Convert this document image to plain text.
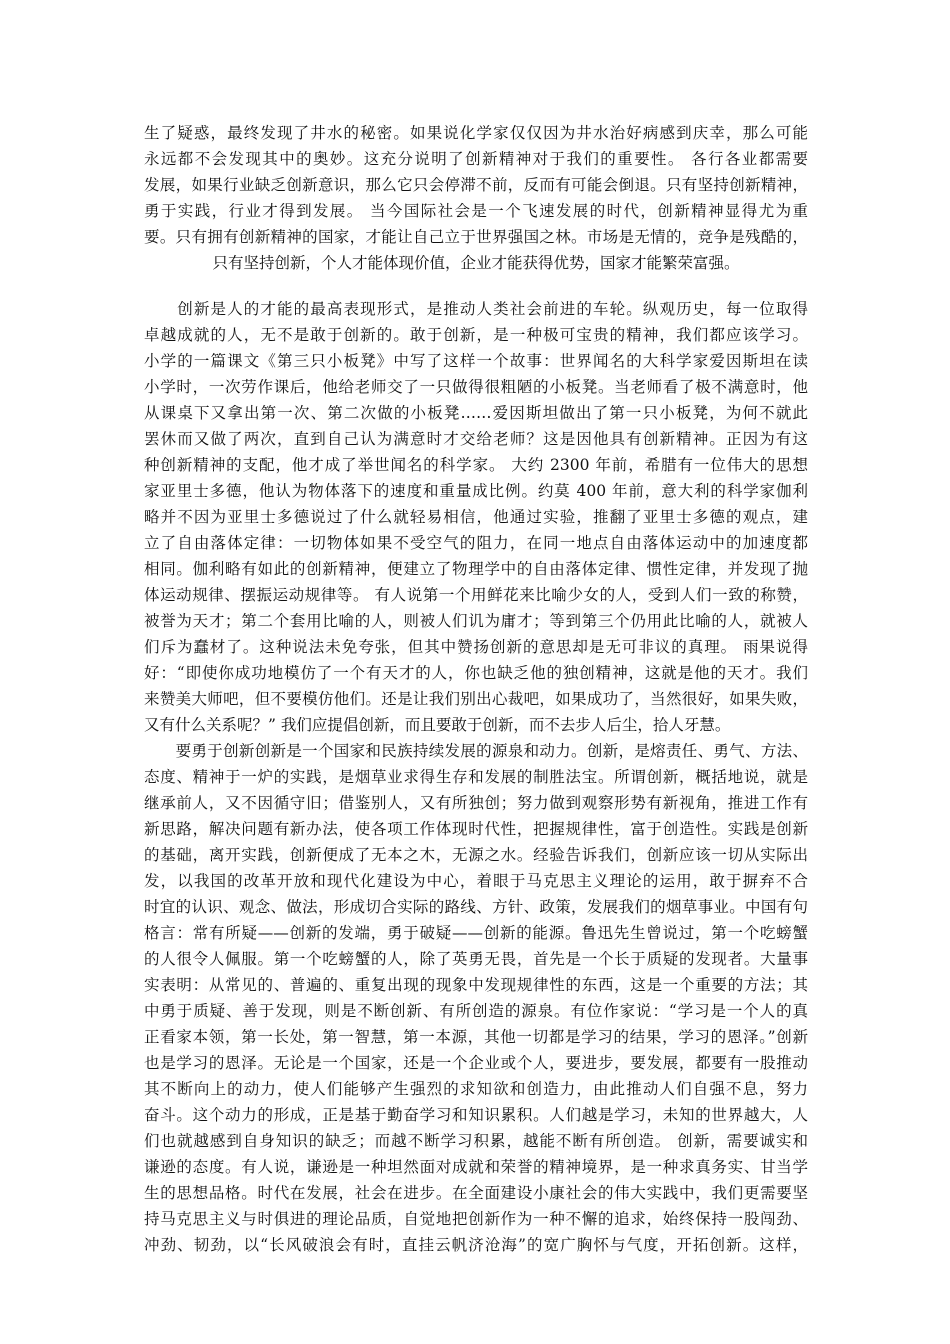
生了疑惑，最终发现了井水的秘密。如果说化学家仅仅因为井水治好病感到庆幸，那么可能
永远都不会发现其中的奥妙。这充分说明了创新精神对于我们的重要性。 各行各业都需要
发展，如果行业缺乏创新意识，那么它只会停滞不前，反而有可能会倒退。只有坚持创新精神，
勇于实践，行业才得到发展。 当今国际社会是一个飞速发展的时代，创新精神显得尤为重
要。只有拥有创新精神的国家，才能让自己立于世界强国之林。市场是无情的，竞争是残酷的，
只有坚持创新，个人才能体现价值，企业才能获得优势，国家才能繁荣富强。
　　创新是人的才能的最高表现形式，是推动人类社会前进的车轮。纵观历史，每一位取得
卓越成就的人，无不是敢于创新的。敢于创新，是一种极可宝贵的精神，我们都应该学习。
小学的一篇课文《第三只小板凳》中写了这样一个故事：世界闻名的大科学家爱因斯坦在读
小学时，一次劳作课后，他给老师交了一只做得很粗陋的小板凳。当老师看了极不满意时，他
从课桌下又拿出第一次、第二次做的小板凳……爱因斯坦做出了第一只小板凳，为何不就此
罢休而又做了两次，直到自己认为满意时才交给老师？这是因他具有创新精神。正因为有这
种创新精神的支配，他才成了举世闻名的科学家。 大约 2300 年前，希腊有一位伟大的思想
家亚里士多德，他认为物体落下的速度和重量成比例。约莫 400 年前，意大利的科学家伽利
略并不因为亚里士多德说过了什么就轻易相信，他通过实验，推翻了亚里士多德的观点，建
立了自由落体定律：一切物体如果不受空气的阻力，在同一地点自由落体运动中的加速度都
相同。伽利略有如此的创新精神，便建立了物理学中的自由落体定律、惯性定律，并发现了抛
体运动规律、摆振运动规律等。 有人说第一个用鲜花来比喻少女的人，受到人们一致的称赞，
被誉为天才；第二个套用比喻的人，则被人们讥为庸才；等到第三个仍用此比喻的人，就被人
们斥为蠢材了。这种说法未免夸张，但其中赞扬创新的意思却是无可非议的真理。 雨果说得
好：“即使你成功地模仿了一个有天才的人，你也缺乏他的独创精神，这就是他的天才。我们
来赞美大师吧，但不要模仿他们。还是让我们别出心裁吧，如果成功了，当然很好，如果失败，
又有什么关系呢？” 我们应提倡创新，而且要敢于创新，而不去步人后尘，拾人牙慧。
　　要勇于创新创新是一个国家和民族持续发展的源泉和动力。创新，是熔责任、勇气、方法、
态度、精神于一炉的实践，是烟草业求得生存和发展的制胜法宝。所谓创新，概括地说，就是
继承前人，又不因循守旧；借鉴别人，又有所独创；努力做到观察形势有新视角，推进工作有
新思路，解决问题有新办法，使各项工作体现时代性，把握规律性，富于创造性。实践是创新
的基础，离开实践，创新便成了无本之木，无源之水。经验告诉我们，创新应该一切从实际出
发，以我国的改革开放和现代化建设为中心，着眼于马克思主义理论的运用，敢于摒弃不合
时宜的认识、观念、做法，形成切合实际的路线、方针、政策，发展我们的烟草事业。中国有句
格言：常有所疑——创新的发端，勇于破疑——创新的能源。鲁迅先生曾说过，第一个吃螃蟹
的人很令人佩服。第一个吃螃蟹的人，除了英勇无畏，首先是一个长于质疑的发现者。大量事
实表明：从常见的、普遍的、重复出现的现象中发现规律性的东西，这是一个重要的方法；其
中勇于质疑、善于发现，则是不断创新、有所创造的源泉。有位作家说：“学习是一个人的真
正看家本领，第一长处，第一智慧，第一本源，其他一切都是学习的结果，学习的恩泽。”创新
也是学习的恩泽。无论是一个国家，还是一个企业或个人，要进步，要发展，都要有一股推动
其不断向上的动力，使人们能够产生强烈的求知欲和创造力，由此推动人们自强不息，努力
奋斗。这个动力的形成，正是基于勤奋学习和知识累积。人们越是学习，未知的世界越大，人
们也就越感到自身知识的缺乏；而越不断学习积累，越能不断有所创造。 创新，需要诚实和
谦逊的态度。有人说，谦逊是一种坦然面对成就和荣誉的精神境界，是一种求真务实、甘当学
生的思想品格。时代在发展，社会在进步。在全面建设小康社会的伟大实践中，我们更需要坚
持马克思主义与时俱进的理论品质，自觉地把创新作为一种不懈的追求，始终保持一股闯劲、
冲劲、韧劲，以“长风破浪会有时，直挂云帆济沧海”的宽广胸怀与气度，开拓创新。这样，
